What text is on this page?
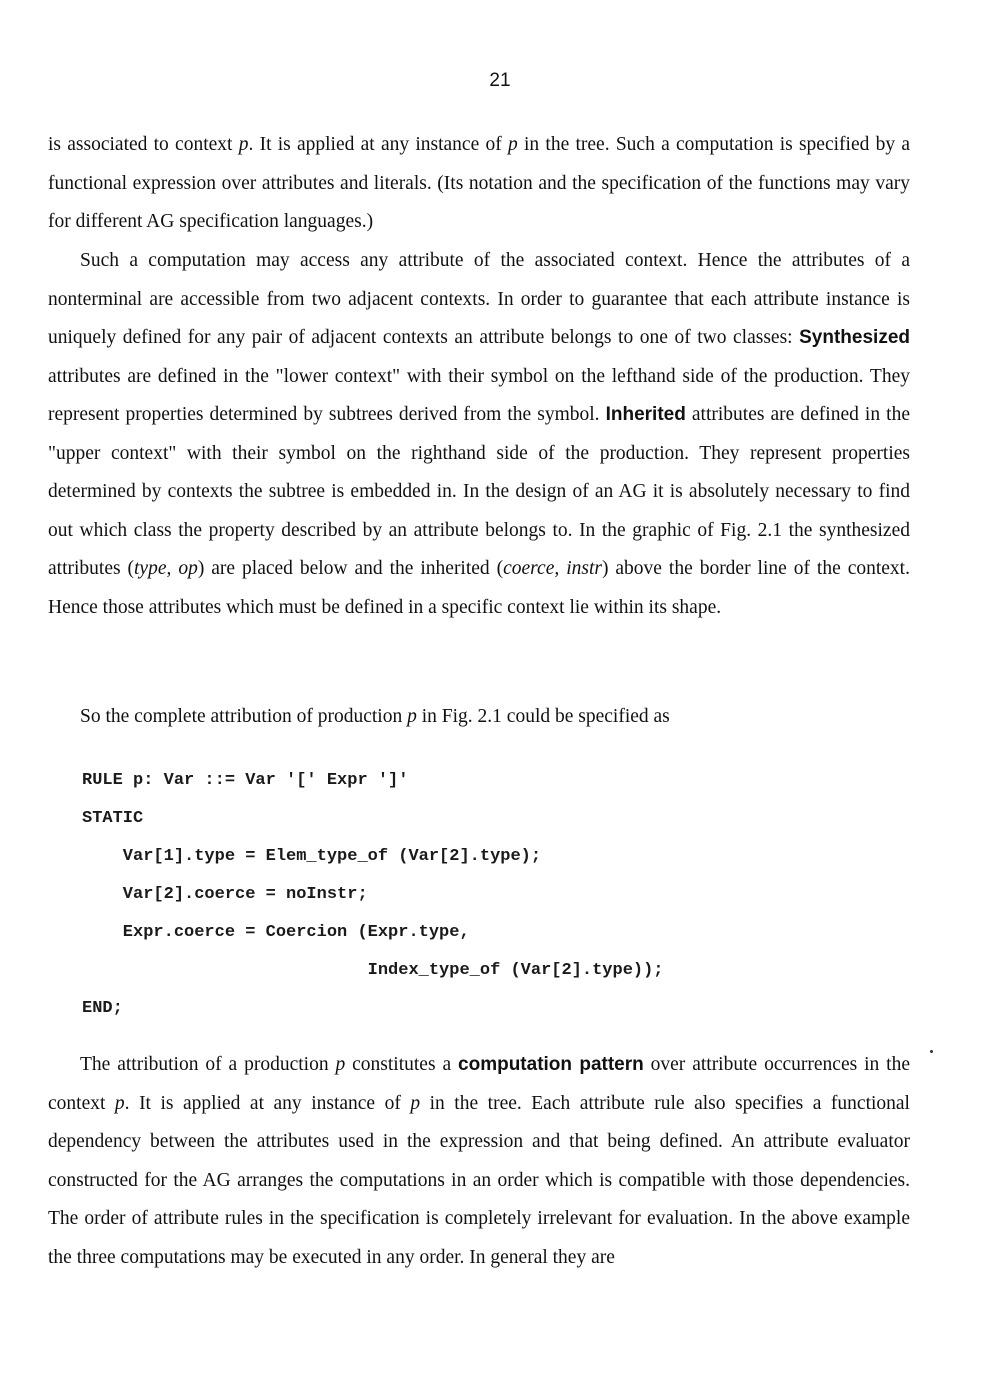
21

is associated to context p. It is applied at any instance of p in the tree. Such a computation is specified by a functional expression over attributes and literals. (Its notation and the specification of the functions may vary for different AG specification languages.)

Such a computation may access any attribute of the associated context. Hence the attributes of a nonterminal are accessible from two adjacent contexts. In order to guarantee that each attribute instance is uniquely defined for any pair of adjacent contexts an attribute belongs to one of two classes: Synthesized attributes are defined in the "lower context" with their symbol on the lefthand side of the production. They represent properties determined by subtrees derived from the symbol. Inherited attributes are defined in the "upper context" with their symbol on the righthand side of the production. They represent properties determined by contexts the subtree is embedded in. In the design of an AG it is absolutely necessary to find out which class the property described by an attribute belongs to. In the graphic of Fig. 2.1 the synthesized attributes (type, op) are placed below and the inherited (coerce, instr) above the border line of the context. Hence those attributes which must be defined in a specific context lie within its shape.

So the complete attribution of production p in Fig. 2.1 could be specified as

RULE p: Var ::= Var '[' Expr ']'
STATIC
Var[1].type = Elem_type_of (Var[2].type);
Var[2].coerce = noInstr;
Expr.coerce = Coercion (Expr.type,
Index_type_of (Var[2].type));
END;

The attribution of a production p constitutes a computation pattern over attribute occurrences in the context p. It is applied at any instance of p in the tree. Each attribute rule also specifies a functional dependency between the attributes used in the expression and that being defined. An attribute evaluator constructed for the AG arranges the computations in an order which is compatible with those dependencies. The order of attribute rules in the specification is completely irrelevant for evaluation. In the above example the three computations may be executed in any order. In general they are
